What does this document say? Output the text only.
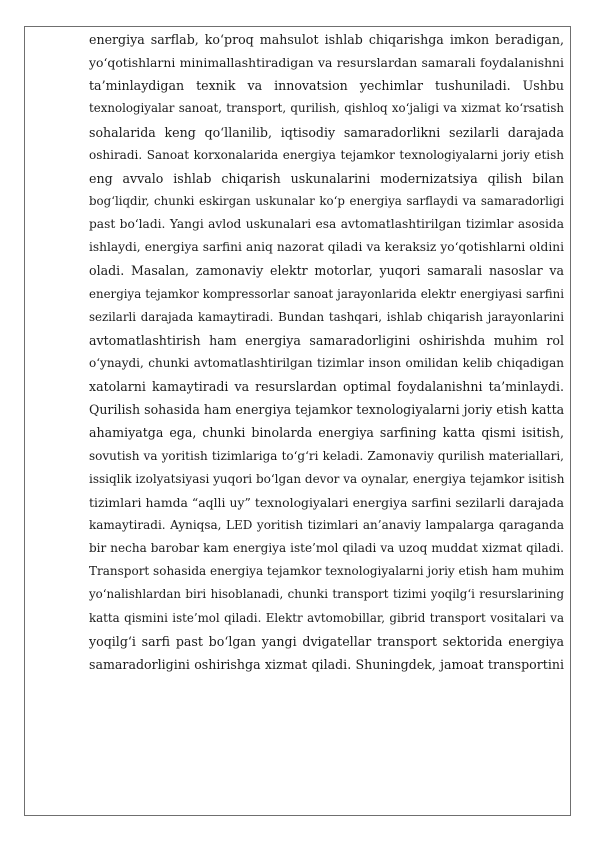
energiya sarflab, ko‘proq mahsulot ishlab chiqarishga imkon beradigan,
yo‘qotishlarni minimallashtiradigan va resurslardan samarali foydalanishni
ta’minlaydigan texnik va innovatsion yechimlar tushuniladi. Ushbu
texnologiyalar sanoat, transport, qurilish, qishloq xo‘jaligi va xizmat ko‘rsatish
sohalarida keng qo‘llanilib, iqtisodiy samaradorlikni sezilarli darajada
oshiradi. Sanoat korxonalarida energiya tejamkor texnologiyalarni joriy etish
eng avvalo ishlab chiqarish uskunalarini modernizatsiya qilish bilan
bog‘liqdir, chunki eskirgan uskunalar ko‘p energiya sarflaydi va samaradorligi
past bo‘ladi. Yangi avlod uskunalari esa avtomatlashtirilgan tizimlar asosida
ishlaydi, energiya sarfini aniq nazorat qiladi va keraksiz yo‘qotishlarni oldini
oladi. Masalan, zamonaviy elektr motorlar, yuqori samarali nasoslar va
energiya tejamkor kompressorlar sanoat jarayonlarida elektr energiyasi sarfini
sezilarli darajada kamaytiradi. Bundan tashqari, ishlab chiqarish jarayonlarini
avtomatlashtirish ham energiya samaradorligini oshirishda muhim rol
o‘ynaydi, chunki avtomatlashtirilgan tizimlar inson omilidan kelib chiqadigan
xatolarni kamaytiradi va resurslardan optimal foydalanishni ta’minlaydi.
Qurilish sohasida ham energiya tejamkor texnologiyalarni joriy etish katta
ahamiyatga ega, chunki binolarda energiya sarfining katta qismi isitish,
sovutish va yoritish tizimlariga to‘g‘ri keladi. Zamonaviy qurilish materiallari,
issiqlik izolyatsiyasi yuqori bo‘lgan devor va oynalar, energiya tejamkor isitish
tizimlari hamda “aqlli uy” texnologiyalari energiya sarfini sezilarli darajada
kamaytiradi. Ayniqsa, LED yoritish tizimlari an’anaviy lampalarga qaraganda
bir necha barobar kam energiya iste’mol qiladi va uzoq muddat xizmat qiladi.
Transport sohasida energiya tejamkor texnologiyalarni joriy etish ham muhim
yo‘nalishlardan biri hisoblanadi, chunki transport tizimi yoqilg‘i resurslarining
katta qismini iste’mol qiladi. Elektr avtomobillar, gibrid transport vositalari va
yoqilg‘i sarfi past bo‘lgan yangi dvigatellar transport sektorida energiya
samaradorligini oshirishga xizmat qiladi. Shuningdek, jamoat transportini
